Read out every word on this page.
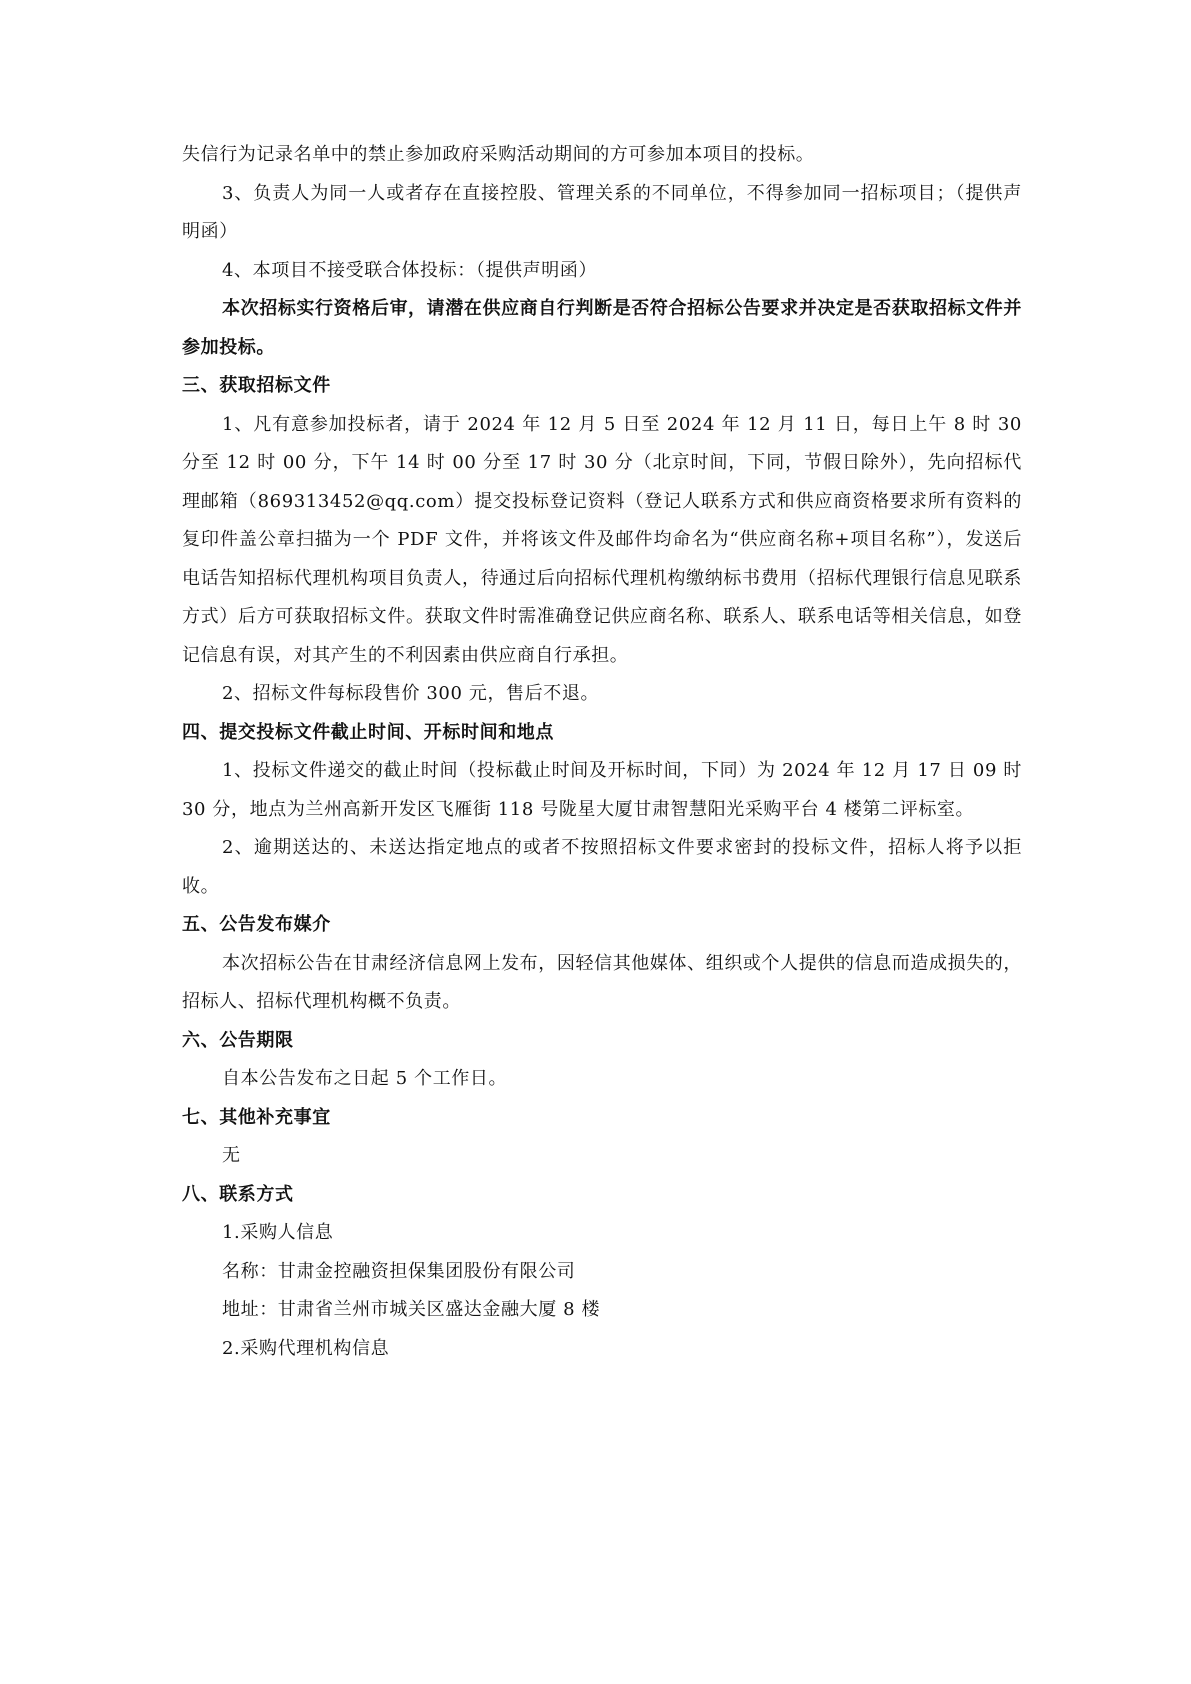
失信行为记录名单中的禁止参加政府采购活动期间的方可参加本项目的投标。

3、负责人为同一人或者存在直接控股、管理关系的不同单位，不得参加同一招标项目；（提供声明函）

4、本项目不接受联合体投标：（提供声明函）

本次招标实行资格后审，请潜在供应商自行判断是否符合招标公告要求并决定是否获取招标文件并参加投标。

三、获取招标文件

1、凡有意参加投标者，请于 2024 年 12 月 5 日至 2024 年 12 月 11 日，每日上午 8 时 30 分至 12 时 00 分，下午 14 时 00 分至 17 时 30 分（北京时间，下同，节假日除外），先向招标代理邮箱（869313452@qq.com）提交投标登记资料（登记人联系方式和供应商资格要求所有资料的复印件盖公章扫描为一个 PDF 文件，并将该文件及邮件均命名为“供应商名称+项目名称”），发送后电话告知招标代理机构项目负责人，待通过后向招标代理机构缴纳标书费用（招标代理银行信息见联系方式）后方可获取招标文件。获取文件时需准确登记供应商名称、联系人、联系电话等相关信息，如登记信息有误，对其产生的不利因素由供应商自行承担。

2、招标文件每标段售价 300 元，售后不退。

四、提交投标文件截止时间、开标时间和地点

1、投标文件递交的截止时间（投标截止时间及开标时间，下同）为 2024 年 12 月 17 日 09 时 30 分，地点为兰州高新开发区飞雁街 118 号陇星大厦甘肃智慧阳光采购平台 4 楼第二评标室。

2、逾期送达的、未送达指定地点的或者不按照招标文件要求密封的投标文件，招标人将予以拒收。

五、公告发布媒介

本次招标公告在甘肃经济信息网上发布，因轻信其他媒体、组织或个人提供的信息而造成损失的，招标人、招标代理机构概不负责。

六、公告期限

自本公告发布之日起 5 个工作日。

七、其他补充事宜

无

八、联系方式

1.采购人信息

名称：甘肃金控融资担保集团股份有限公司

地址：甘肃省兰州市城关区盛达金融大厦 8 楼

2.采购代理机构信息
